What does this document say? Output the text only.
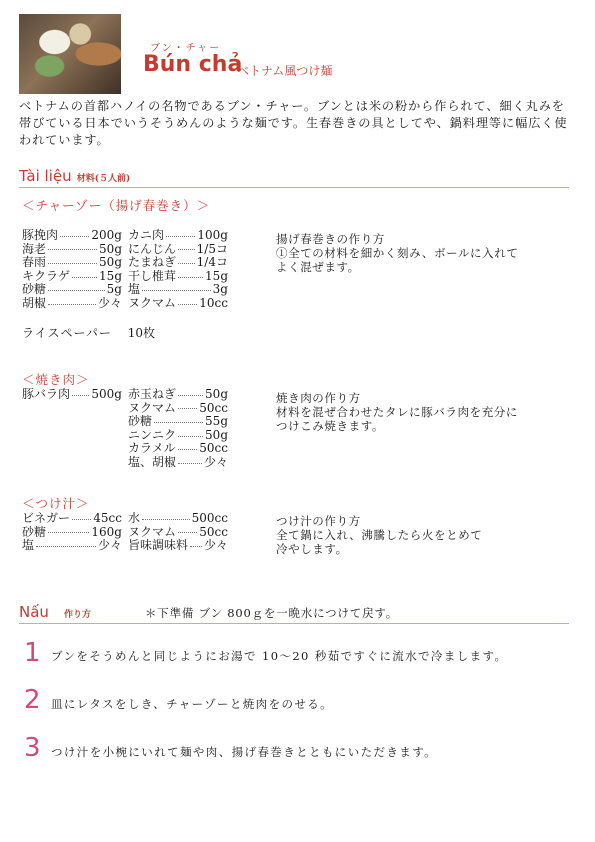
ブン・チャー
Bún chả
ベトナム風つけ麺
ベトナムの首都ハノイの名物であるブン・チャー。ブンとは米の粉から作られて、細く丸みを帯びている日本でいうそうめんのような麺です。生春巻きの具としてや、鍋料理等に幅広く使われています。
Tài liệu 材料(５人前)
＜チャーゾー（揚げ春巻き）＞
豚挽肉	200g
海老	50g
春雨	50g
キクラゲ 15g
砂糖	5g
胡椒	少々
カニ肉	100g
にんじん 1/5コ
たまねぎ 1/4コ
干し椎茸 15g
塩	3g
ヌクマム 10cc
ライスペーパー 10枚
揚げ春巻きの作り方
①全ての材料を細かく刻み、ボールに入れて
よく混ぜます。
＜焼き肉＞
豚バラ肉 500g 赤玉ねぎ 50g
ヌクマム 50cc
砂糖	55g
ニンニク 50g
カラメル 50cc
塩、胡椒 少々
焼き肉の作り方
材料を混ぜ合わせたタレに豚バラ肉を充分に
つけこみ焼きます。
＜つけ汁＞
ビネガー 45cc
砂糖	160g
塩	少々
水	500cc
ヌクマム 50cc
旨味調味料 少々
つけ汁の作り方
全て鍋に入れ、沸騰したら火をとめて
冷やします。
Nấu 作り方	＊下準備 ブン 800ｇを一晩水につけて戻す。
1 ブンをそうめんと同じようにお湯で 10～20 秒茹ですぐに流水で冷まします。
2 皿にレタスをしき、チャーゾーと焼肉をのせる。
3 つけ汁を小椀にいれて麺や肉、揚げ春巻きとともにいただきます。
